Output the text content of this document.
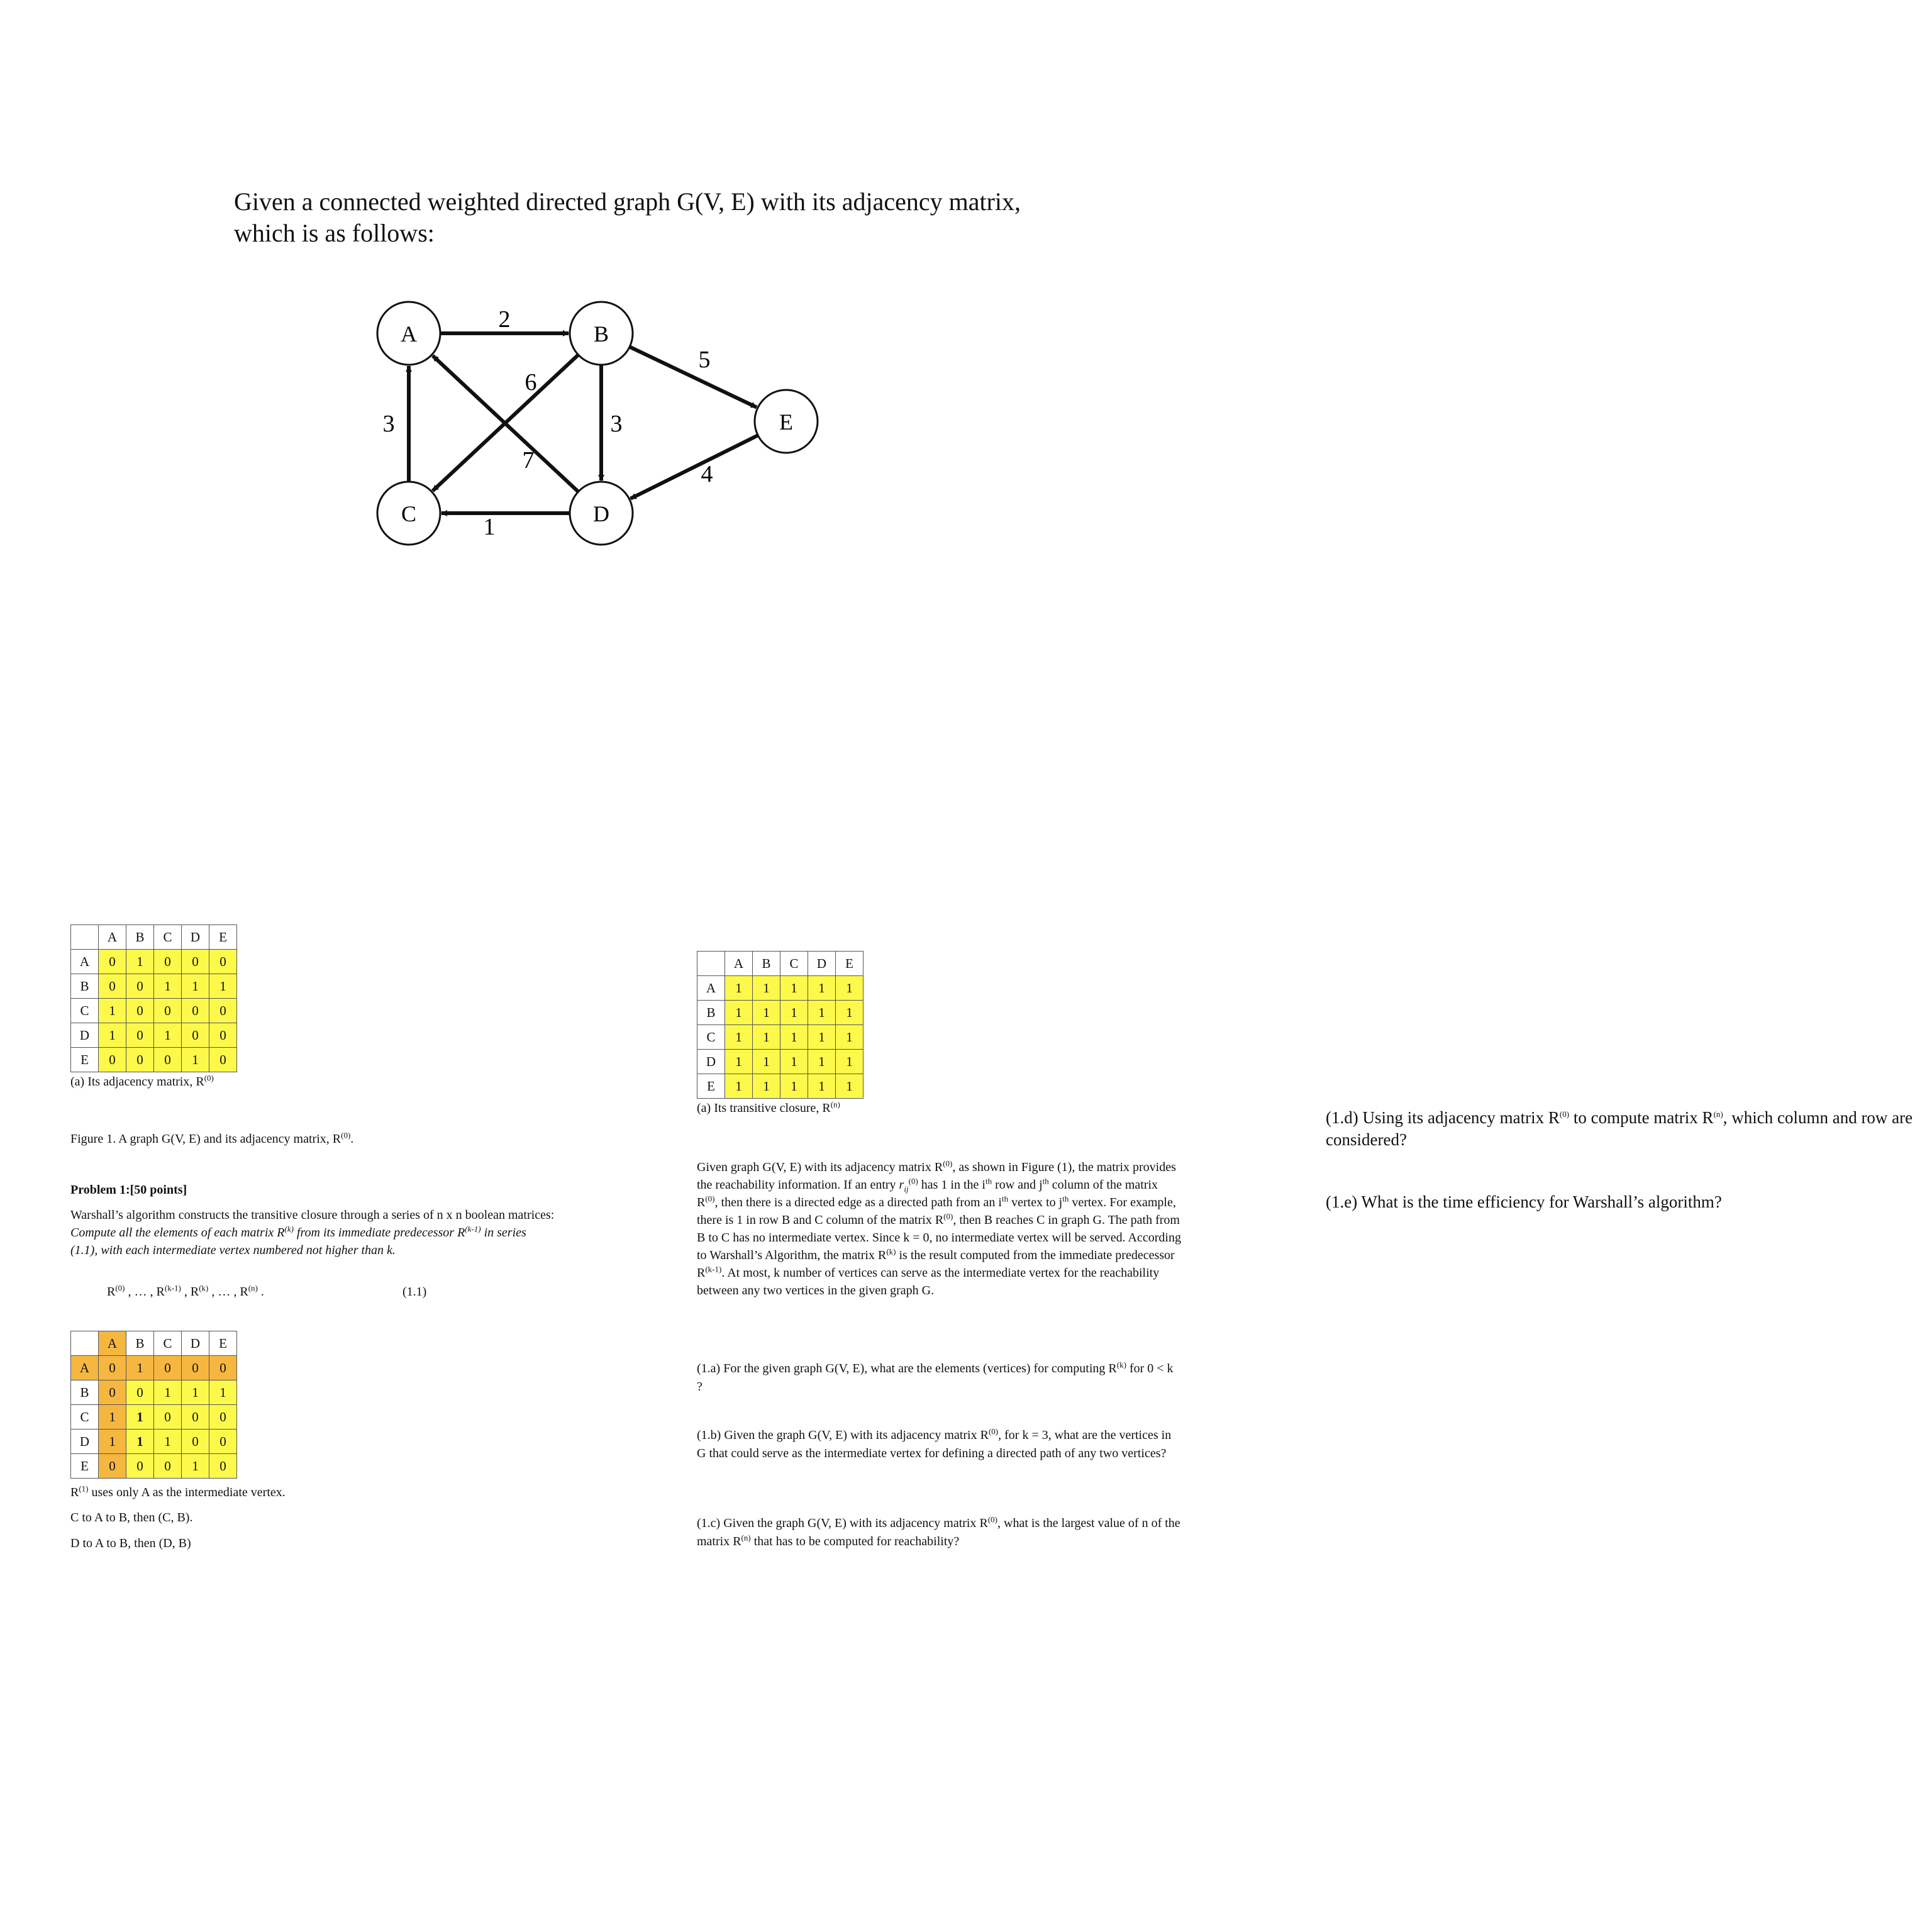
Given a connected weighted directed graph G(V, E) with its adjacency matrix,
which is as follows:
2
5
6
3
3
7
1
4
A	B
C	D
E
	A	B	C	D	E
A	0	1	0	0	0
B	0	0	1	1	1
C	1	0	0	0	0
D	1	0	1	0	0
E	0	0	0	1	0
(a) Its adjacency matrix, $R^{(0)}$
Figure 1. A graph G(V, E) and its adjacency matrix, $R^{(0)}$.
Problem 1:[50 points]
Warshall’s algorithm constructs the transitive closure through a series of n x n boolean matrices: Compute all the elements of each matrix $R^{(k)}$ from its immediate predecessor $R^{(k-1)}$ in series (1.1), with each intermediate vertex numbered not higher than k.
$R^{(0)}$ , … , $R^{(k-1)}$ , $R^{(k)}$ , … , $R^{(n)}$ .	(1.1)
	A	B	C	D	E
A	0	1	0	0	0
B	0	0	1	1	1
C	1	1	0	0	0
D	1	1	1	0	0
E	0	0	0	1	0
$R^{(1)}$ uses only A as the intermediate vertex.
C to A to B, then (C, B).
D to A to B, then (D, B)
	A	B	C	D	E
A	1	1	1	1	1
B	1	1	1	1	1
C	1	1	1	1	1
D	1	1	1	1	1
E	1	1	1	1	1
(a) Its transitive closure, $R^{(n)}$
Given graph G(V, E) with its adjacency matrix $R^{(0)}$, as shown in Figure (1), the matrix provides the reachability information. If an entry $r_{ij}^{(0)}$ has 1 in the $i^{th}$ row and $j^{th}$ column of the matrix $R^{(0)}$, then there is a directed edge as a directed path from an $i^{th}$ vertex to $j^{th}$ vertex. For example, there is 1 in row B and C column of the matrix $R^{(0)}$, then B reaches C in graph G. The path from B to C has no intermediate vertex. Since k = 0, no intermediate vertex will be served. According to Warshall’s Algorithm, the matrix $R^{(k)}$ is the result computed from the immediate predecessor $R^{(k-1)}$. At most, k number of vertices can serve as the intermediate vertex for the reachability between any two vertices in the given graph G.
(1.a) For the given graph G(V, E), what are the elements (vertices) for computing $R^{(k)}$ for 0 < k ?
(1.b) Given the graph G(V, E) with its adjacency matrix $R^{(0)}$, for k = 3, what are the vertices in G that could serve as the intermediate vertex for defining a directed path of any two vertices?
(1.c) Given the graph G(V, E) with its adjacency matrix $R^{(0)}$, what is the largest value of n of the matrix $R^{(n)}$ that has to be computed for reachability?
(1.d) Using its adjacency matrix $R^{(0)}$ to compute matrix $R^{(n)}$, which column and row are considered?
(1.e) What is the time efficiency for Warshall’s algorithm?
